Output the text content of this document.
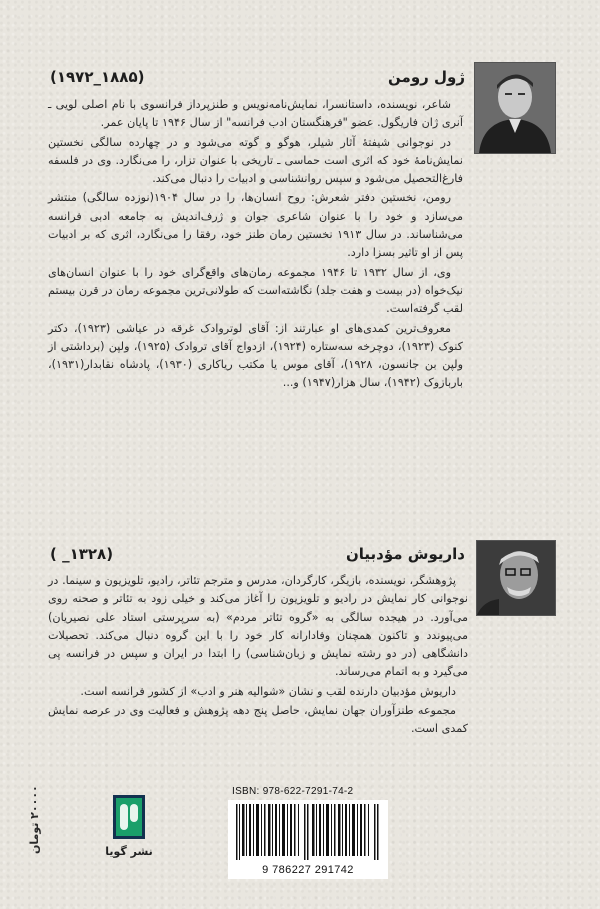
ژول رومن
(۱۸۸۵_۱۹۷۲)

شاعر، نویسنده، داستانسرا، نمایش‌نامه‌نویس و طنزپرداز فرانسوی با نام اصلی لویی ـ آنری ژان فاریگول. عضو "فرهنگستان ادب فرانسه" از سال ۱۹۴۶ تا پایان عمر.

در نوجوانی شیفتهٔ آثار شیلر، هوگو و گوته می‌شود و در چهارده سالگی نخستین نمایش‌نامهٔ خود که اثری است حماسی ـ تاریخی با عنوان تزار، را می‌نگارد. وی در فلسفه فارغ‌التحصیل می‌شود و سپس روانشناسی و ادبیات را دنبال می‌کند.

رومن، نخستین دفتر شعرش: روح انسان‌ها، را در سال ۱۹۰۴(نوزده سالگی) منتشر می‌سازد و خود را با عنوان شاعری جوان و ژرف‌اندیش به جامعه ادبی فرانسه می‌شناساند. در سال ۱۹۱۳ نخستین رمان طنز خود، رفقا را می‌نگارد، اثری که بر ادبیات پس از او تاثیر بسزا دارد.

وی، از سال ۱۹۳۲ تا ۱۹۴۶ مجموعه رمان‌های واقع‌گرای خود را با عنوان انسان‌های نیک‌خواه (در بیست و هفت جلد) نگاشته‌است که طولانی‌ترین مجموعه رمان در قرن بیستم لقب گرفته‌است.

معروف‌ترین کمدی‌های او عبارتند از: آقای لوتروادک غرقه در عیاشی (۱۹۲۳)، دکتر کنوک (۱۹۲۳)، دوچرخه سه‌ستاره (۱۹۲۴)، ازدواج آقای تروادک (۱۹۲۵)، ولپن (برداشتی از ولپن بن جانسون، ۱۹۲۸)، آقای موس یا مکتب ریاکاری (۱۹۳۰)، پادشاه نقابدار(۱۹۳۱)، باربازوک (۱۹۴۲)، سال هزار(۱۹۴۷) و...

داریوش مؤدبیان
(۱۳۲۸_ )

پژوهشگر، نویسنده، بازیگر، کارگردان، مدرس و مترجم تئاتر، رادیو، تلویزیون و سینما. در نوجوانی کار نمایش در رادیو و تلویزیون را آغاز می‌کند و خیلی زود به تئاتر و صحنه روی می‌آورد. در هیجده سالگی به «گروه تئاتر مردم» (به سرپرستی استاد علی نصیریان) می‌پیوندد و تاکنون همچنان وفادارانه کار خود را با این گروه دنبال می‌کند. تحصیلات دانشگاهی (در دو رشته نمایش و زبان‌شناسی) را ابتدا در ایران و سپس در فرانسه پی می‌گیرد و به اتمام می‌رساند.

داریوش مؤدبیان دارنده لقب و نشان «شوالیه هنر و ادب» از کشور فرانسه است.

مجموعه طنزآوران جهان نمایش، حاصل پنج دهه پژوهش و فعالیت وی در عرصه نمایش کمدی است.

۲۰۰۰۰ تومان
نشر گویا
ISBN: 978-622-7291-74-2
9 786227 291742
